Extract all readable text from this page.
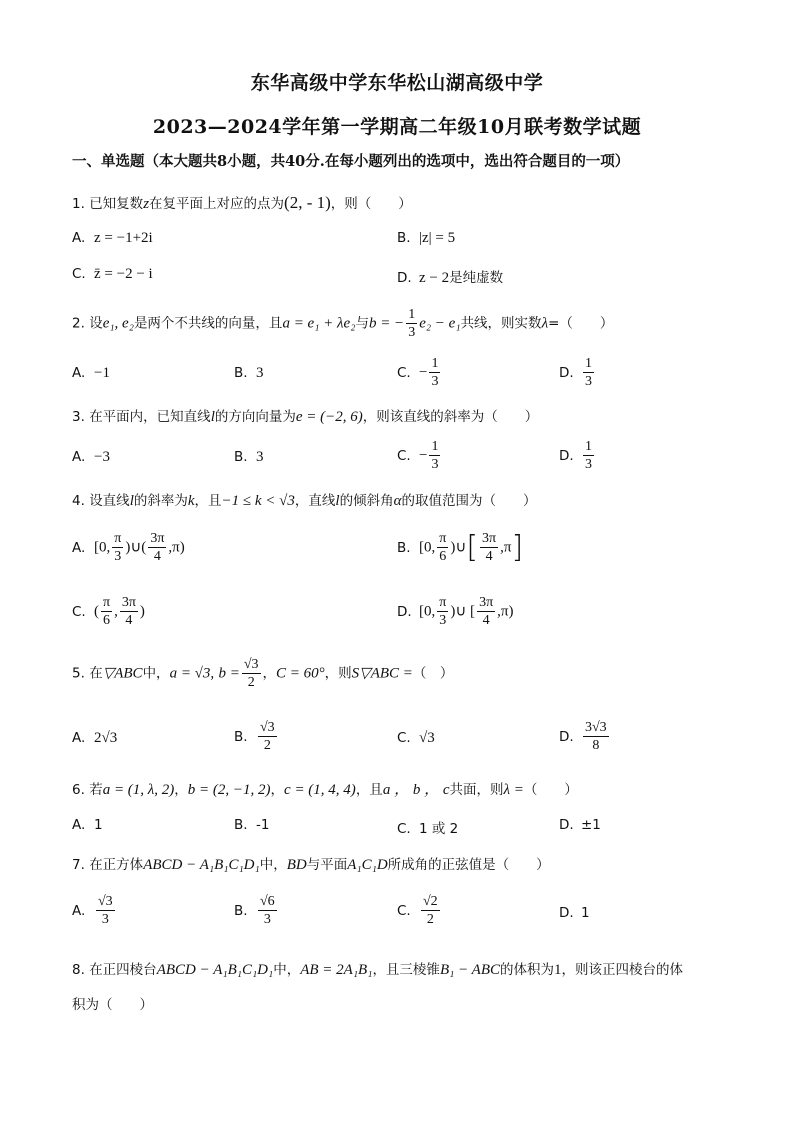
东华高级中学东华松山湖高级中学
2023—2024学年第一学期高二年级10月联考数学试题
一、单选题（本大题共8小题，共40分.在每小题列出的选项中，选出符合题目的一项）
1. 已知复数z在复平面上对应的点为(2, - 1)，则（　　）
A. z = −1+2i	B. |z| = 5
C. z̄ = −2 − i	D. z − 2是纯虚数
2. 设e₁, e₂是两个不共线的向量，且a = e₁ + λe₂与b = − $\frac{1}{3} e_2 - e_1$共线，则实数λ=（　　）
A. −1	B. 3	C. − $\frac{1}{3}$	D. $\frac{1}{3}$
3. 在平面内，已知直线l的方向向量为e = (−2, 6)，则该直线的斜率为（　　）
A. −3	B. 3	C. − $\frac{1}{3}$	D. $\frac{1}{3}$
4. 设直线l的斜率为k，且−1 ≤ k < √3，直线l的倾斜角α的取值范围为（　　）
A. [0, $\frac{\pi}{3}$ )∪( $\frac{3\pi}{4} ,\pi$)	B. [0, $\frac{\pi}{6}$ )∪[ $\frac{3\pi}{4} ,\pi$]
C. ( $\frac{\pi}{6}$ , $\frac{3\pi}{4}$ )	D. [0, $\frac{\pi}{3}$ )∪ [ $\frac{3\pi}{4} ,\pi$)
5. 在▽ABC中，a = √3, $b = \frac{√3}{2}$ ，C = 60°，则S▽ABC =（　）
A. 2√3	B. $\frac{√3}{2}$	C. √3	D. $\frac{3√3}{8}$
6. 若a = (1, λ, 2)，b = (2, −1, 2)，c = (1, 4, 4)，且a ， b ， c共面，则λ =（　　）
A. 1	B. -1	C. 1 或 2	D. ±1
7. 在正方体ABCD − A₁B₁C₁D₁中，BD与平面A₁C₁D所成角的正弦值是（　　）
A. $\frac{√3}{3}$	B. $\frac{√6}{3}$	C. $\frac{√2}{2}$	D. 1
8. 在正四棱台ABCD − A₁B₁C₁D₁中，AB = 2A₁B₁，且三棱锥B₁ − ABC的体积为1，则该正四棱台的体
积为（　　）
